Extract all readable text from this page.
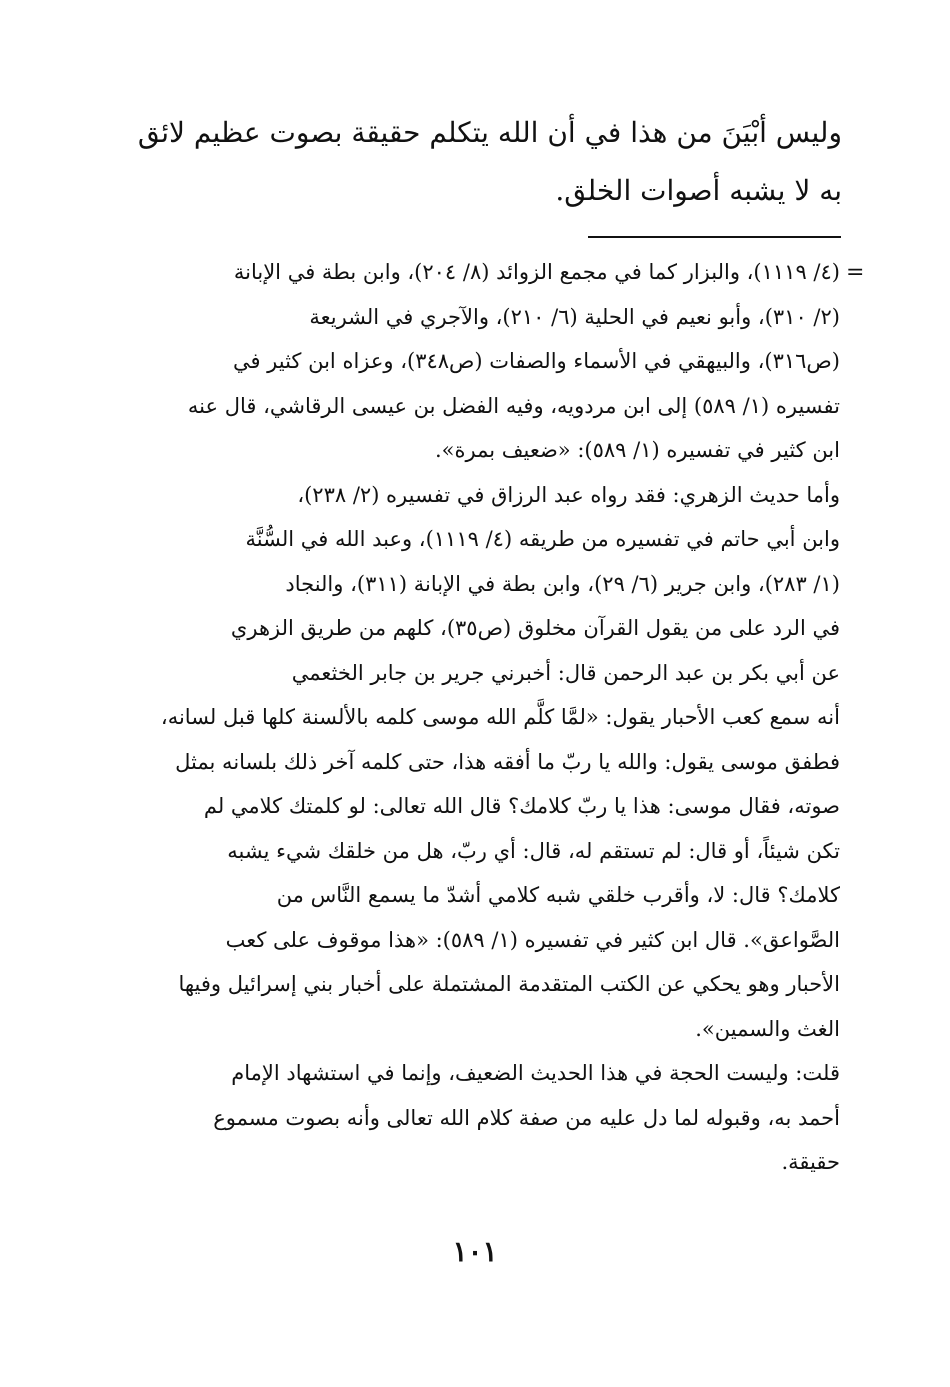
وليس أبْيَنَ من هذا في أن الله يتكلم حقيقة بصوت عظيم لائق
به لا يشبه أصوات الخلق.
=
(٤/ ١١١٩)، والبزار كما في مجمع الزوائد (٨/ ٢٠٤)، وابن بطة في الإبانة
(٢/ ٣١٠)، وأبو نعيم في الحلية (٦/ ٢١٠)، والآجري في الشريعة
(ص٣١٦)، والبيهقي في الأسماء والصفات (ص٣٤٨)، وعزاه ابن كثير في
تفسيره (١/ ٥٨٩) إلى ابن مردويه، وفيه الفضل بن عيسى الرقاشي، قال عنه
ابن كثير في تفسيره (١/ ٥٨٩): «ضعيف بمرة».
وأما حديث الزهري: فقد رواه عبد الرزاق في تفسيره (٢/ ٢٣٨)،
وابن أبي حاتم في تفسيره من طريقه (٤/ ١١١٩)، وعبد الله في السُّنَّة
(١/ ٢٨٣)، وابن جرير (٦/ ٢٩)، وابن بطة في الإبانة (٣١١)، والنجاد
في الرد على من يقول القرآن مخلوق (ص٣٥)، كلهم من طريق الزهري
عن أبي بكر بن عبد الرحمن قال: أخبرني جرير بن جابر الخثعمي
أنه سمع كعب الأحبار يقول: «لمَّا كلَّم الله موسى كلمه بالألسنة كلها قبل لسانه،
فطفق موسى يقول: والله يا ربّ ما أفقه هذا، حتى كلمه آخر ذلك بلسانه بمثل
صوته، فقال موسى: هذا يا ربّ كلامك؟ قال الله تعالى: لو كلمتك كلامي لم
تكن شيئاً، أو قال: لم تستقم له، قال: أي ربّ، هل من خلقك شيء يشبه
كلامك؟ قال: لا، وأقرب خلقي شبه كلامي أشدّ ما يسمع النَّاس من
الصَّواعق». قال ابن كثير في تفسيره (١/ ٥٨٩): «هذا موقوف على كعب
الأحبار وهو يحكي عن الكتب المتقدمة المشتملة على أخبار بني إسرائيل وفيها
الغث والسمين».
قلت: وليست الحجة في هذا الحديث الضعيف، وإنما في استشهاد الإمام
أحمد به، وقبوله لما دل عليه من صفة كلام الله تعالى وأنه بصوت مسموع
حقيقة.
١٠١
